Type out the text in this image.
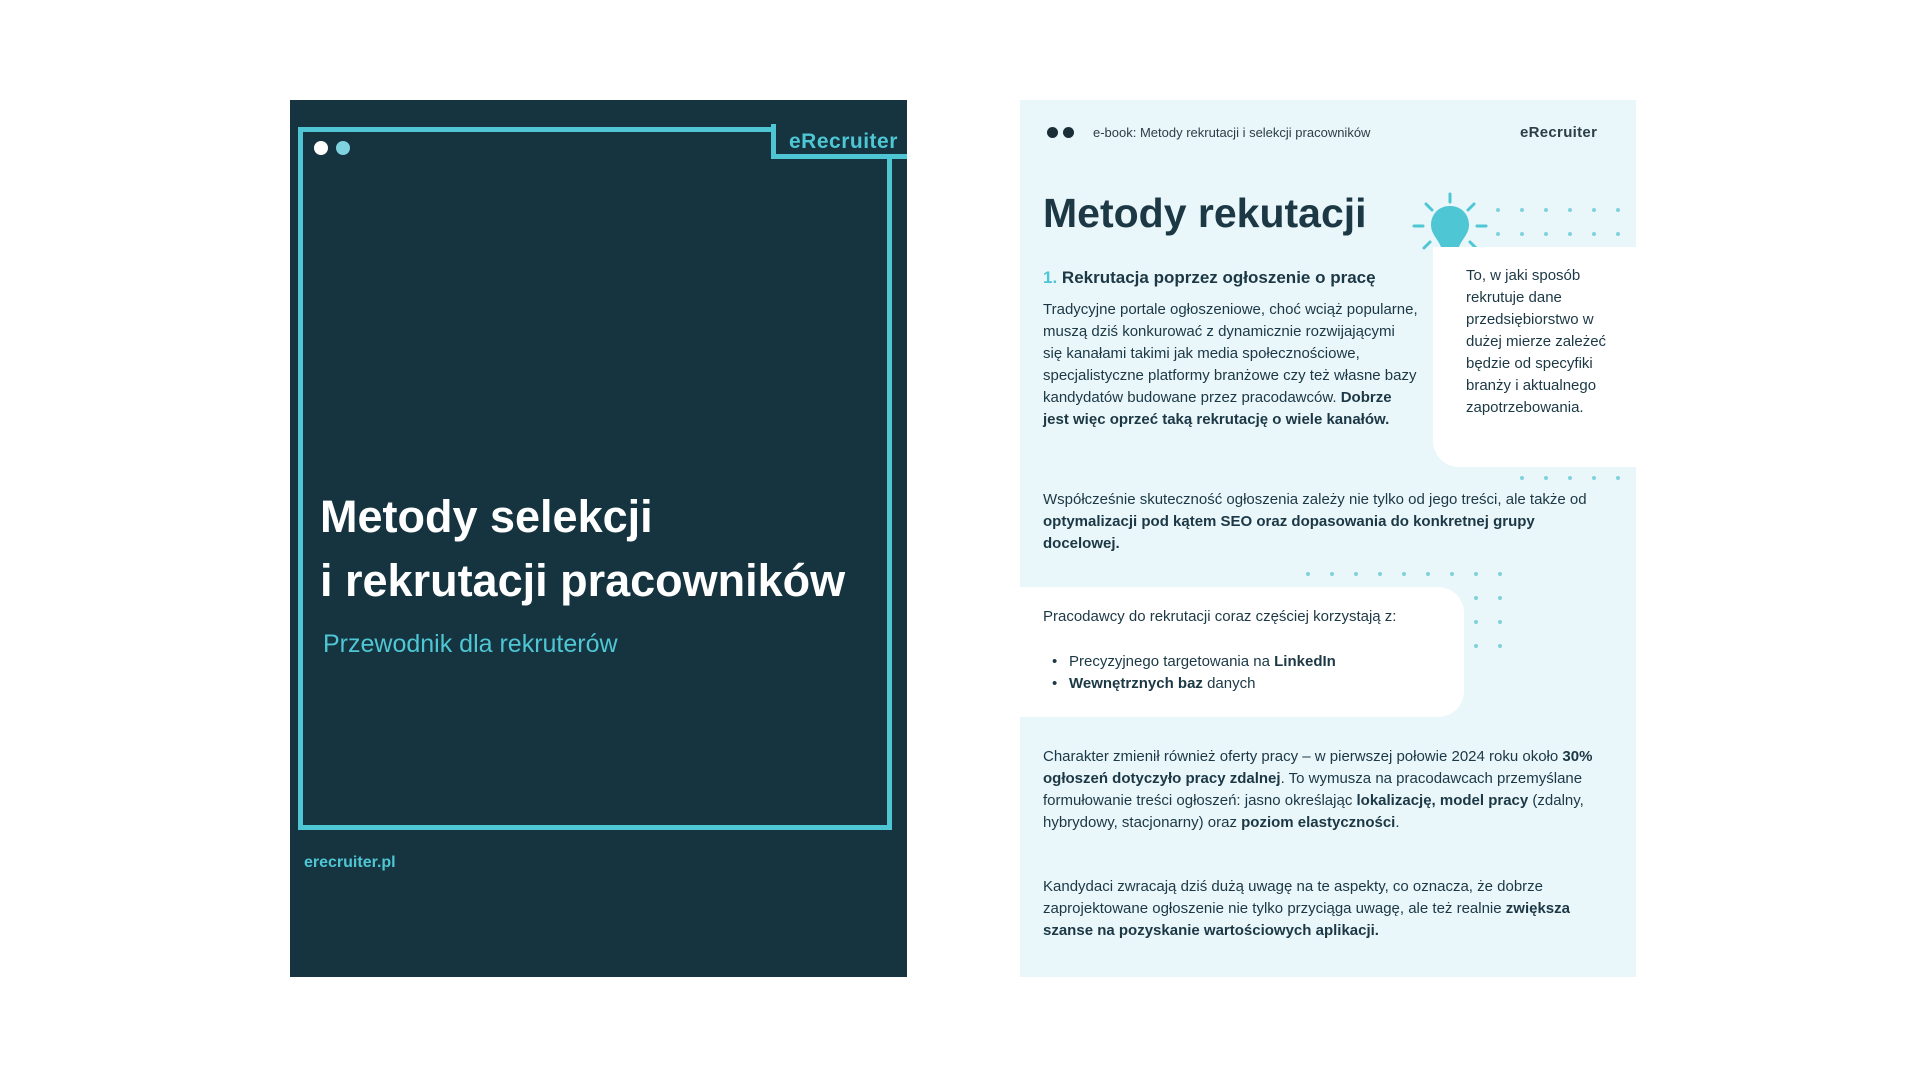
eRecruiter
Metody selekcji
i rekrutacji pracowników
Przewodnik dla rekruterów
erecruiter.pl
e-book: Metody rekrutacji i selekcji pracowników	eRecruiter
Metody rekutacji
1. Rekrutacja poprzez ogłoszenie o pracę
Tradycyjne portale ogłoszeniowe, choć wciąż popularne, muszą dziś konkurować z dynamicznie rozwijającymi się kanałami takimi jak media społecznościowe, specjalistyczne platformy branżowe czy też własne bazy kandydatów budowane przez pracodawców. Dobrze jest więc oprzeć taką rekrutację o wiele kanałów.
To, w jaki sposób rekrutuje dane przedsiębiorstwo w dużej mierze zależeć będzie od specyfiki branży i aktualnego zapotrzebowania.
Współcześnie skuteczność ogłoszenia zależy nie tylko od jego treści, ale także od optymalizacji pod kątem SEO oraz dopasowania do konkretnej grupy docelowej.
Pracodawcy do rekrutacji coraz częściej korzystają z:
• Precyzyjnego targetowania na LinkedIn
• Wewnętrznych baz danych
Charakter zmienił również oferty pracy – w pierwszej połowie 2024 roku około 30% ogłoszeń dotyczyło pracy zdalnej. To wymusza na pracodawcach przemyślane formułowanie treści ogłoszeń: jasno określając lokalizację, model pracy (zdalny, hybrydowy, stacjonarny) oraz poziom elastyczności.
Kandydaci zwracają dziś dużą uwagę na te aspekty, co oznacza, że dobrze zaprojektowane ogłoszenie nie tylko przyciąga uwagę, ale też realnie zwiększa szanse na pozyskanie wartościowych aplikacji.
